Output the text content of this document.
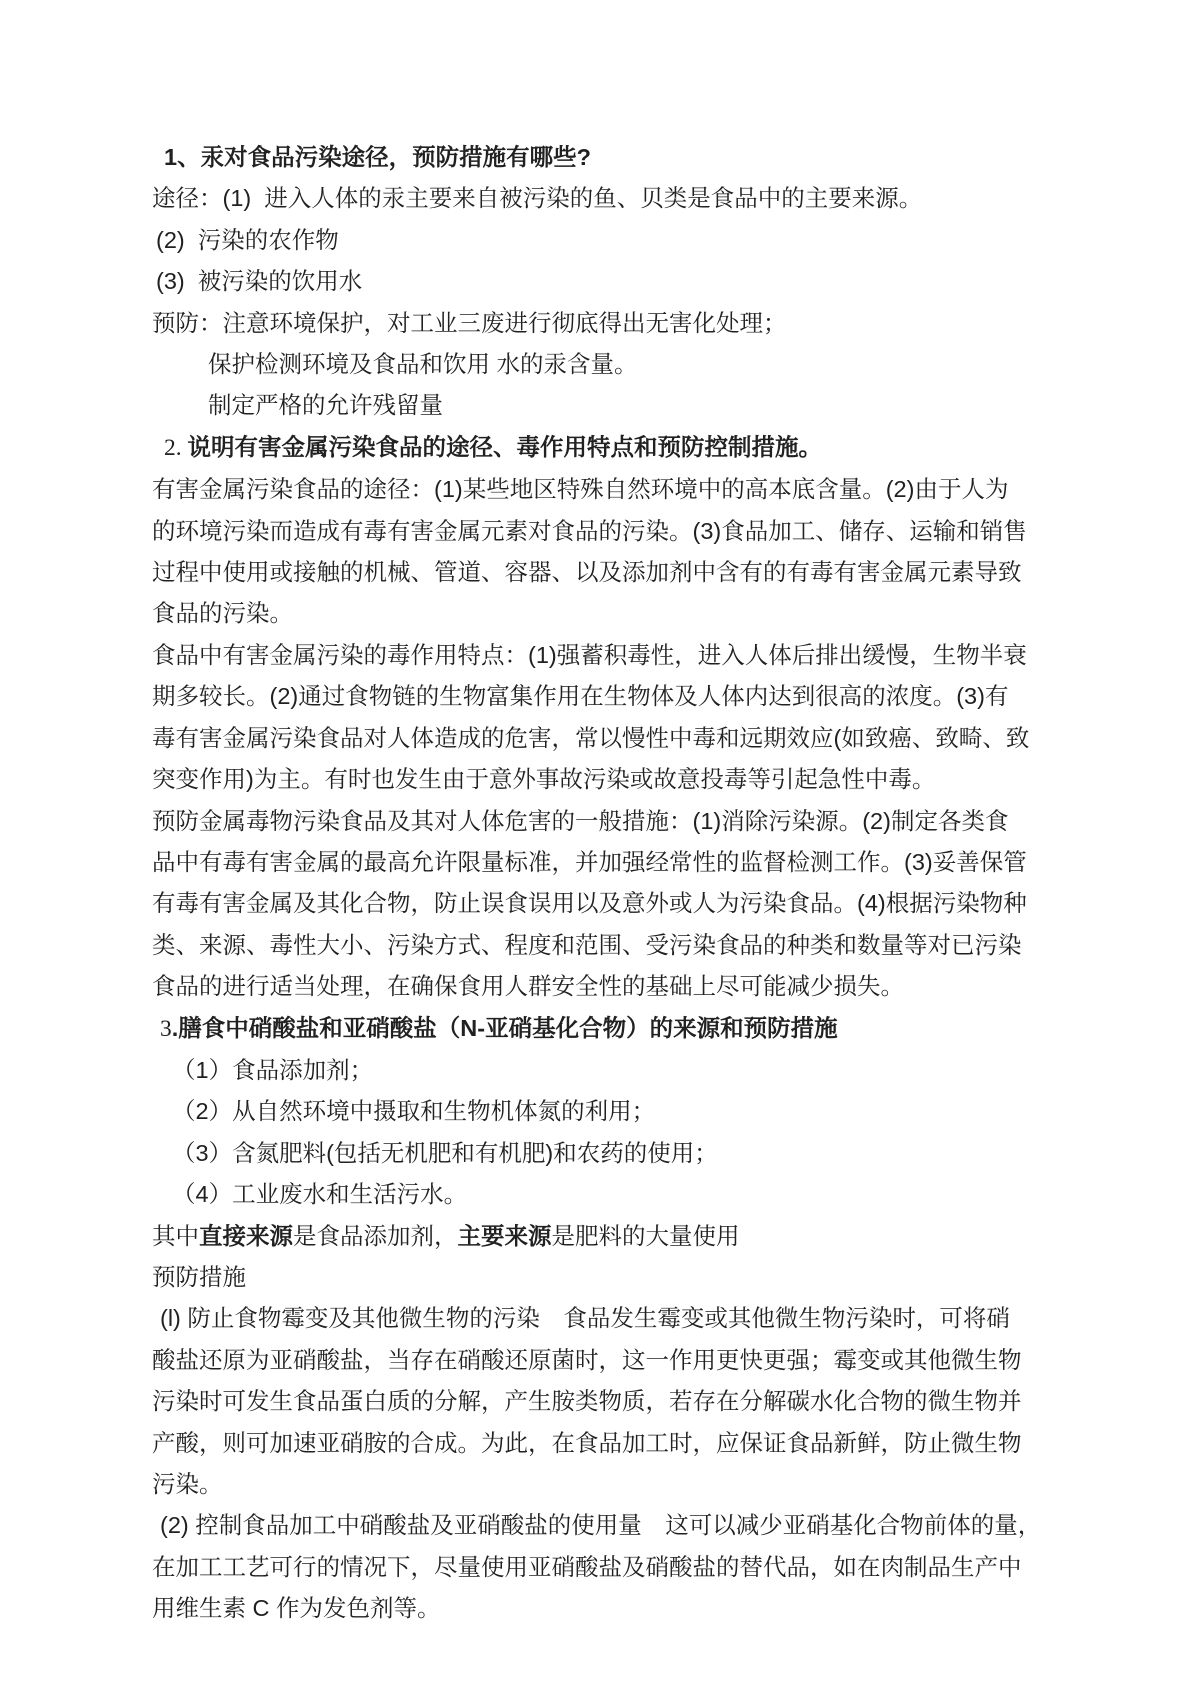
1、汞对食品污染途径，预防措施有哪些?
途径：(1)  进入人体的汞主要来自被污染的鱼、贝类是食品中的主要来源。
(2)  污染的农作物
(3)  被污染的饮用水
预防：注意环境保护，对工业三废进行彻底得出无害化处理；
保护检测环境及食品和饮用 水的汞含量。
制定严格的允许残留量
2. 说明有害金属污染食品的途径、毒作用特点和预防控制措施。
有害金属污染食品的途径：(1)某些地区特殊自然环境中的高本底含量。(2)由于人为
的环境污染而造成有毒有害金属元素对食品的污染。(3)食品加工、储存、运输和销售
过程中使用或接触的机械、管道、容器、以及添加剂中含有的有毒有害金属元素导致
食品的污染。
食品中有害金属污染的毒作用特点：(1)强蓄积毒性，进入人体后排出缓慢，生物半衰
期多较长。(2)通过食物链的生物富集作用在生物体及人体内达到很高的浓度。(3)有
毒有害金属污染食品对人体造成的危害，常以慢性中毒和远期效应(如致癌、致畸、致
突变作用)为主。有时也发生由于意外事故污染或故意投毒等引起急性中毒。
预防金属毒物污染食品及其对人体危害的一般措施：(1)消除污染源。(2)制定各类食
品中有毒有害金属的最高允许限量标准，并加强经常性的监督检测工作。(3)妥善保管
有毒有害金属及其化合物，防止误食误用以及意外或人为污染食品。(4)根据污染物种
类、来源、毒性大小、污染方式、程度和范围、受污染食品的种类和数量等对已污染
食品的进行适当处理，在确保食用人群安全性的基础上尽可能减少损失。
3.膳食中硝酸盐和亚硝酸盐（N-亚硝基化合物）的来源和预防措施
（1）食品添加剂；
（2）从自然环境中摄取和生物机体氮的利用；
（3）含氮肥料(包括无机肥和有机肥)和农药的使用；
（4）工业废水和生活污水。
其中直接来源是食品添加剂，主要来源是肥料的大量使用
预防措施
(l) 防止食物霉变及其他微生物的污染　食品发生霉变或其他微生物污染时，可将硝
酸盐还原为亚硝酸盐，当存在硝酸还原菌时，这一作用更快更强；霉变或其他微生物
污染时可发生食品蛋白质的分解，产生胺类物质，若存在分解碳水化合物的微生物并
产酸，则可加速亚硝胺的合成。为此，在食品加工时，应保证食品新鲜，防止微生物
污染。
(2) 控制食品加工中硝酸盐及亚硝酸盐的使用量　这可以减少亚硝基化合物前体的量，
在加工工艺可行的情况下，尽量使用亚硝酸盐及硝酸盐的替代品，如在肉制品生产中
用维生素 C 作为发色剂等。
